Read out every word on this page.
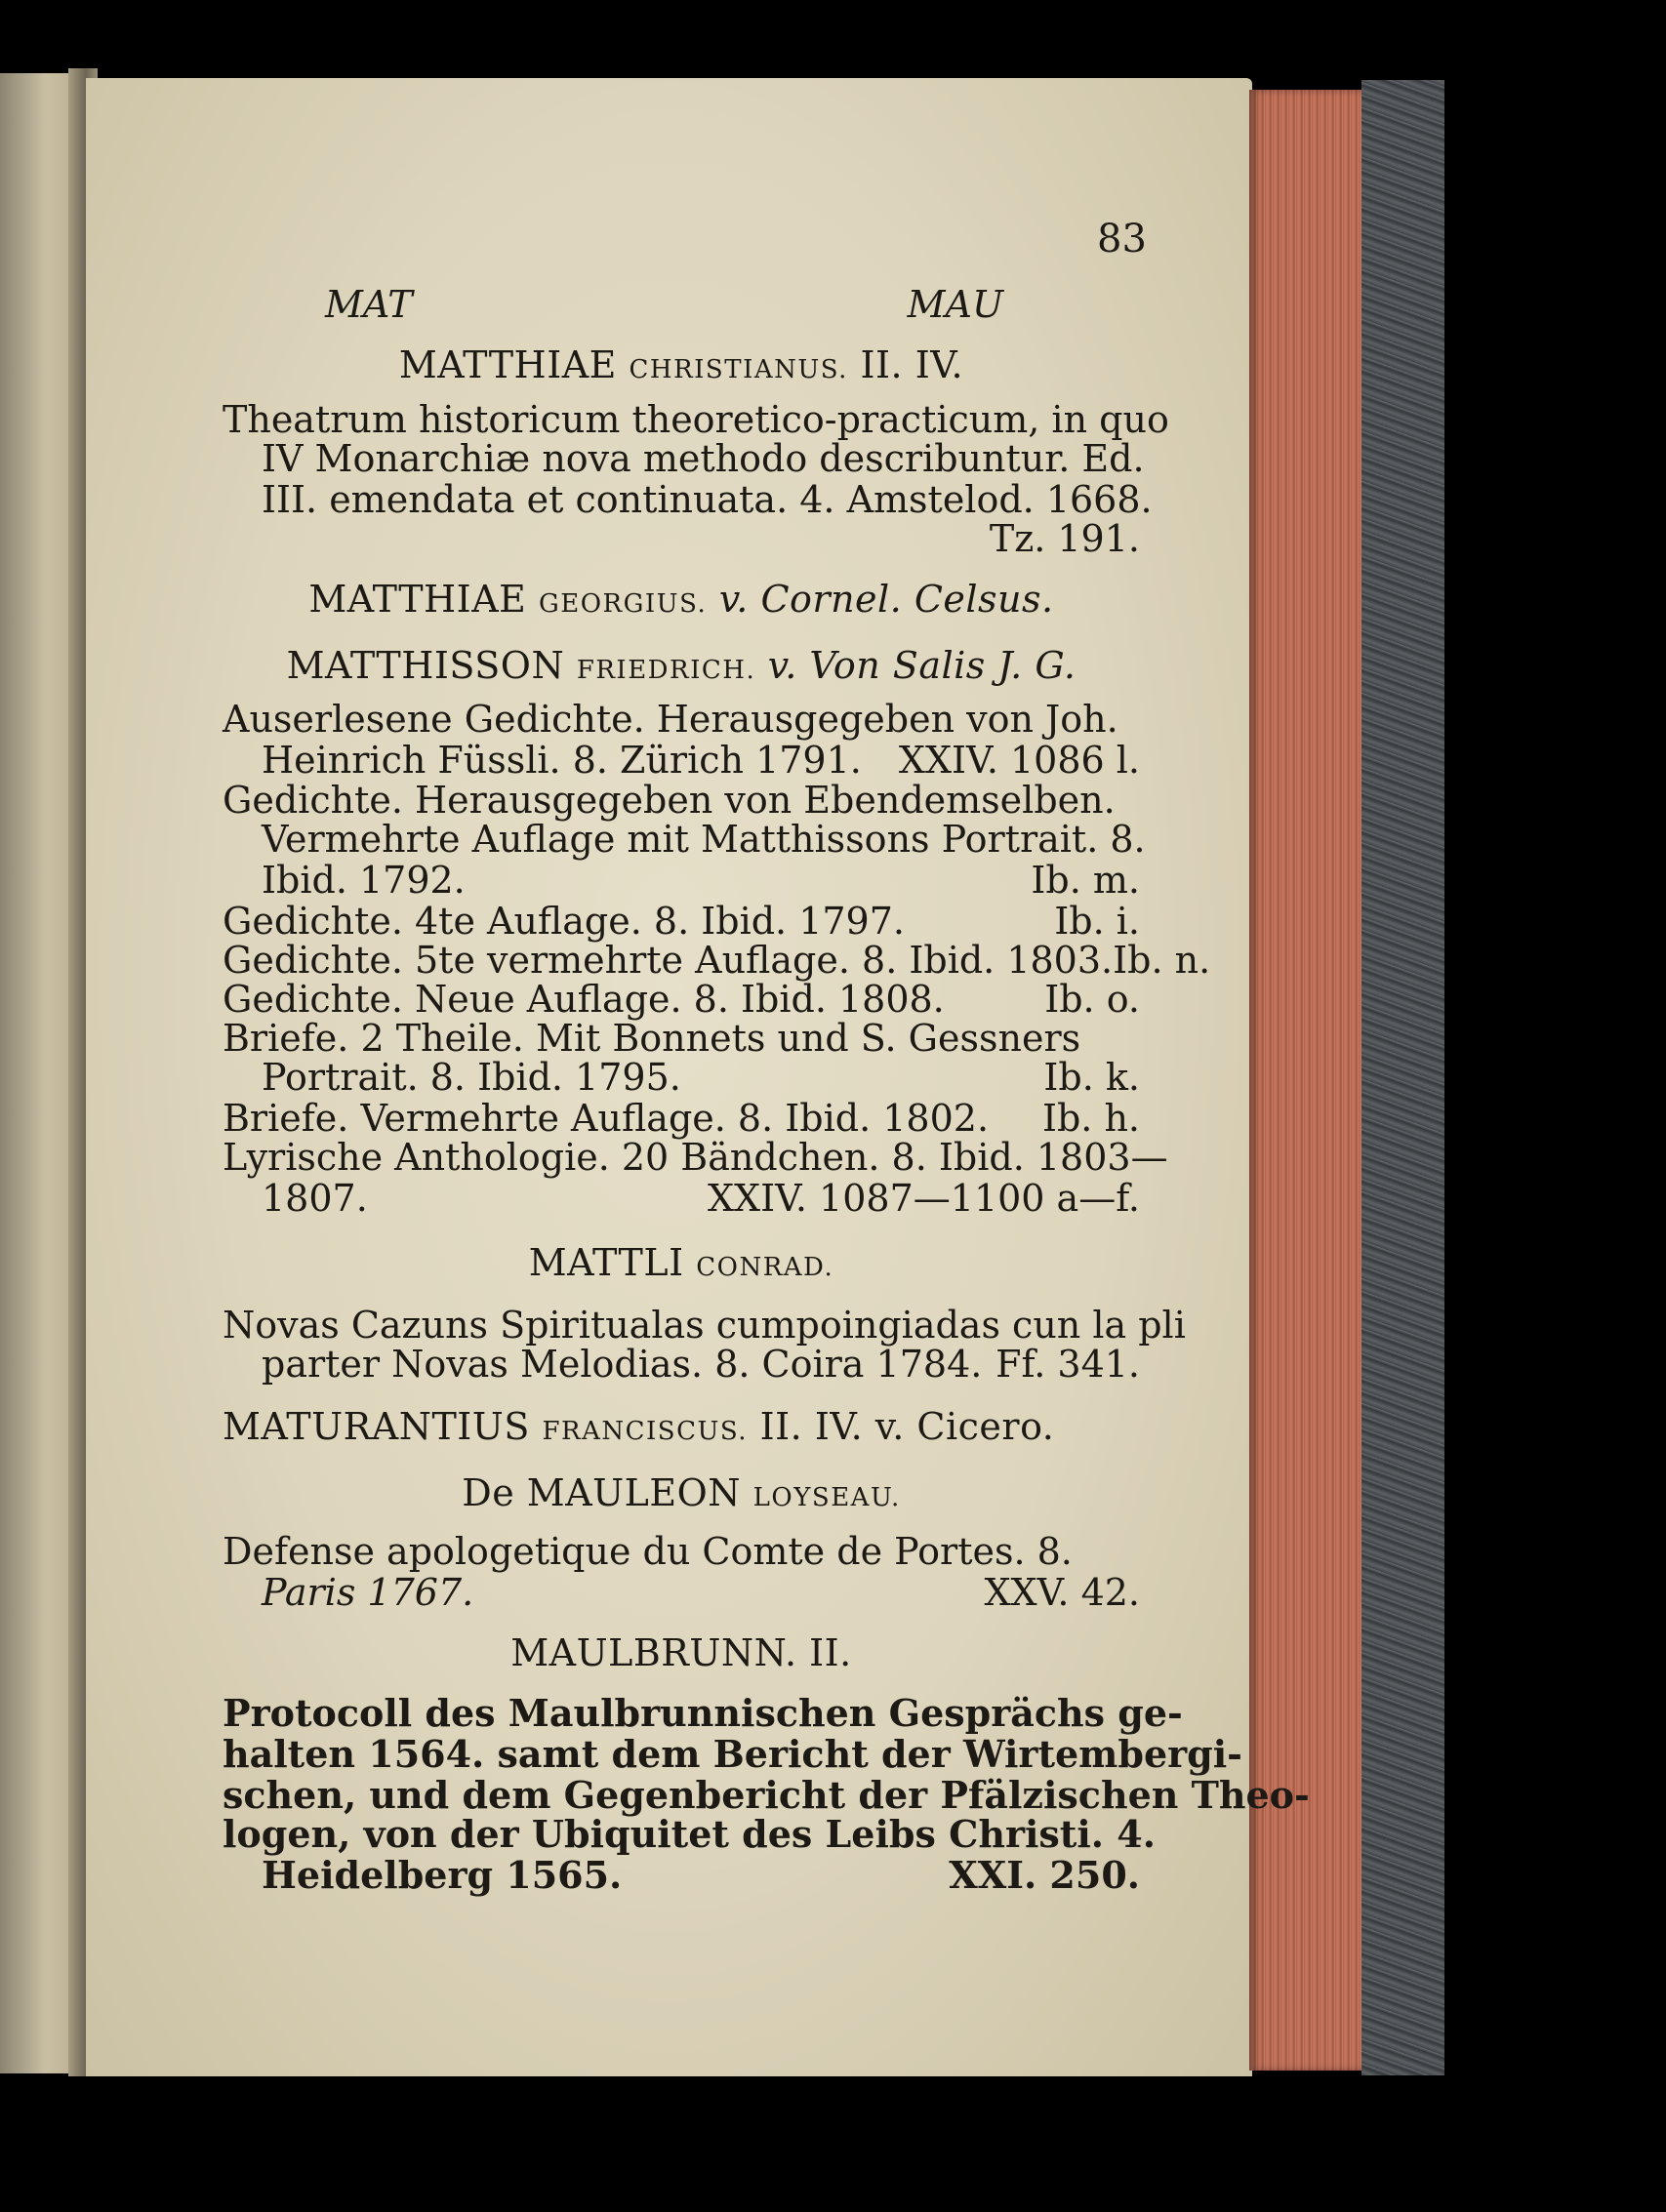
83
MAT	MAU
MATTHIAE CHRISTIANUS. II. IV.
Theatrum historicum theoretico-practicum, in quo
IV Monarchiæ nova methodo describuntur. Ed.
III. emendata et continuata. 4. Amstelod. 1668.
Tz. 191.
MATTHIAE GEORGIUS. v. Cornel. Celsus.
MATTHISSON FRIEDRICH. v. Von Salis J. G.
Auserlesene Gedichte. Herausgegeben von Joh.
Heinrich Füssli. 8. Zürich 1791. XXIV. 1086 l.
Gedichte. Herausgegeben von Ebendemselben.
Vermehrte Auflage mit Matthissons Portrait. 8.
Ibid. 1792.	Ib. m.
Gedichte. 4te Auflage. 8. Ibid. 1797.	Ib. i.
Gedichte. 5te vermehrte Auflage. 8. Ibid. 1803. Ib. n.
Gedichte. Neue Auflage. 8. Ibid. 1808.	Ib. o.
Briefe. 2 Theile. Mit Bonnets und S. Gessners
Portrait. 8. Ibid. 1795.	Ib. k.
Briefe. Vermehrte Auflage. 8. Ibid. 1802. Ib. h.
Lyrische Anthologie. 20 Bändchen. 8. Ibid. 1803—
1807.	XXIV. 1087—1100 a—f.
MATTLI CONRAD.
Novas Cazuns Spiritualas cumpoingiadas cun la pli
parter Novas Melodias. 8. Coira 1784. Ff. 341.
MATURANTIUS FRANCISCUS. II. IV. v. Cicero.
De MAULEON LOYSEAU.
Defense apologetique du Comte de Portes. 8.
Paris 1767.	XXV. 42.
MAULBRUNN. II.
Protocoll des Maulbrunnischen Gesprächs ge-
halten 1564. samt dem Bericht der Wirtembergi-
schen, und dem Gegenbericht der Pfälzischen Theo-
logen, von der Ubiquitet des Leibs Christi. 4.
Heidelberg 1565.	XXI. 250.
